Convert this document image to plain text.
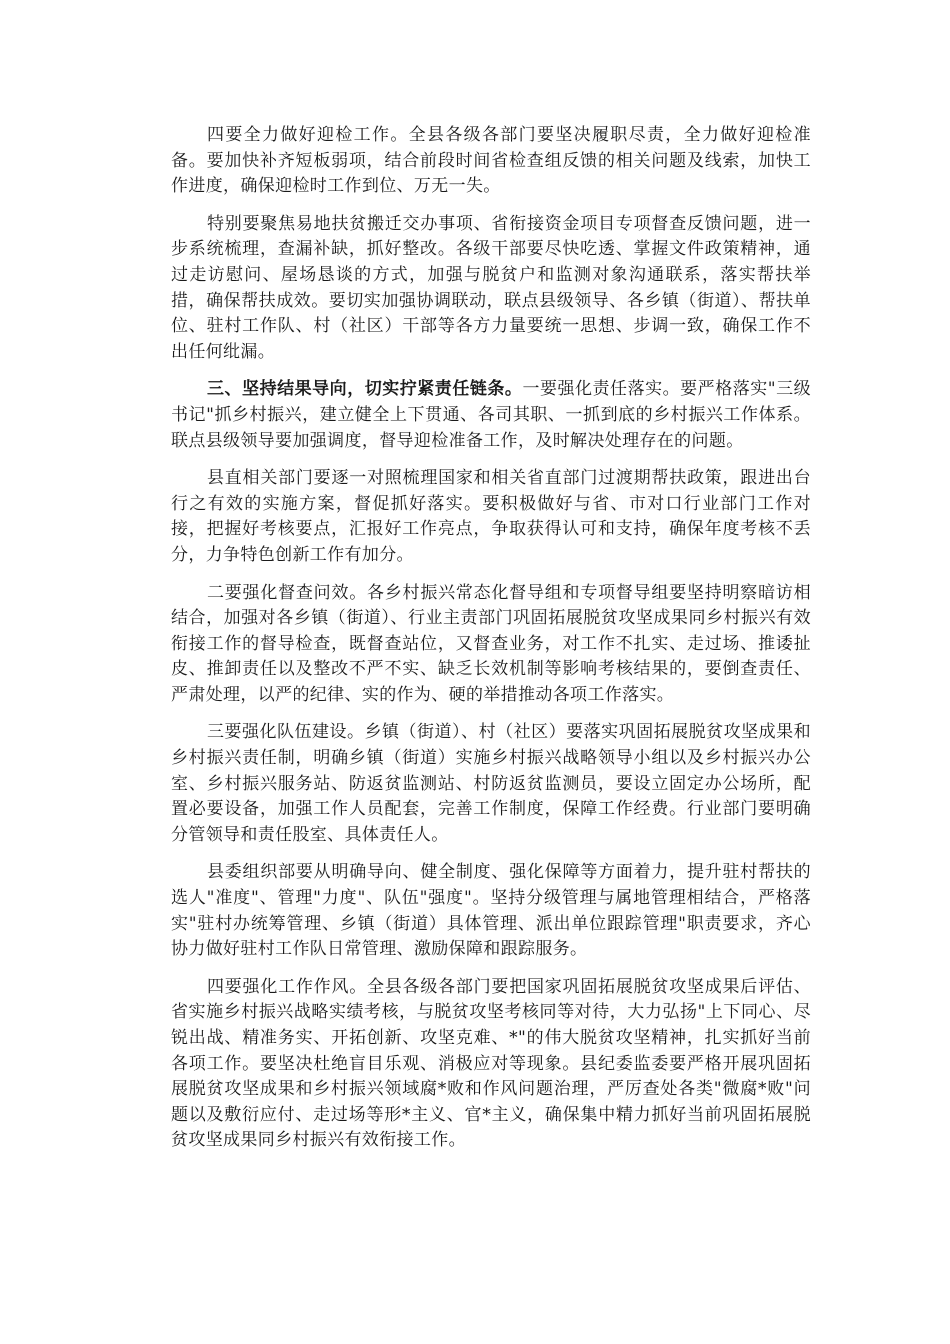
四要全力做好迎检工作。全县各级各部门要坚决履职尽责，全力做好迎检准备。要加快补齐短板弱项，结合前段时间省检查组反馈的相关问题及线索，加快工作进度，确保迎检时工作到位、万无一失。

特别要聚焦易地扶贫搬迁交办事项、省衔接资金项目专项督查反馈问题，进一步系统梳理，查漏补缺，抓好整改。各级干部要尽快吃透、掌握文件政策精神，通过走访慰问、屋场恳谈的方式，加强与脱贫户和监测对象沟通联系，落实帮扶举措，确保帮扶成效。要切实加强协调联动，联点县级领导、各乡镇（街道）、帮扶单位、驻村工作队、村（社区）干部等各方力量要统一思想、步调一致，确保工作不出任何纰漏。

三、坚持结果导向，切实拧紧责任链条。一要强化责任落实。要严格落实"三级书记"抓乡村振兴，建立健全上下贯通、各司其职、一抓到底的乡村振兴工作体系。联点县级领导要加强调度，督导迎检准备工作，及时解决处理存在的问题。

县直相关部门要逐一对照梳理国家和相关省直部门过渡期帮扶政策，跟进出台行之有效的实施方案，督促抓好落实。要积极做好与省、市对口行业部门工作对接，把握好考核要点，汇报好工作亮点，争取获得认可和支持，确保年度考核不丢分，力争特色创新工作有加分。

二要强化督查问效。各乡村振兴常态化督导组和专项督导组要坚持明察暗访相结合，加强对各乡镇（街道）、行业主责部门巩固拓展脱贫攻坚成果同乡村振兴有效衔接工作的督导检查，既督查站位，又督查业务，对工作不扎实、走过场、推诿扯皮、推卸责任以及整改不严不实、缺乏长效机制等影响考核结果的，要倒查责任、严肃处理，以严的纪律、实的作为、硬的举措推动各项工作落实。

三要强化队伍建设。乡镇（街道）、村（社区）要落实巩固拓展脱贫攻坚成果和乡村振兴责任制，明确乡镇（街道）实施乡村振兴战略领导小组以及乡村振兴办公室、乡村振兴服务站、防返贫监测站、村防返贫监测员，要设立固定办公场所，配置必要设备，加强工作人员配套，完善工作制度，保障工作经费。行业部门要明确分管领导和责任股室、具体责任人。

县委组织部要从明确导向、健全制度、强化保障等方面着力，提升驻村帮扶的选人"准度"、管理"力度"、队伍"强度"。坚持分级管理与属地管理相结合，严格落实"驻村办统筹管理、乡镇（街道）具体管理、派出单位跟踪管理"职责要求，齐心协力做好驻村工作队日常管理、激励保障和跟踪服务。

四要强化工作作风。全县各级各部门要把国家巩固拓展脱贫攻坚成果后评估、省实施乡村振兴战略实绩考核，与脱贫攻坚考核同等对待，大力弘扬"上下同心、尽锐出战、精准务实、开拓创新、攻坚克难、*"的伟大脱贫攻坚精神，扎实抓好当前各项工作。要坚决杜绝盲目乐观、消极应对等现象。县纪委监委要严格开展巩固拓展脱贫攻坚成果和乡村振兴领域腐*败和作风问题治理，严厉查处各类"微腐*败"问题以及敷衍应付、走过场等形*主义、官*主义，确保集中精力抓好当前巩固拓展脱贫攻坚成果同乡村振兴有效衔接工作。
